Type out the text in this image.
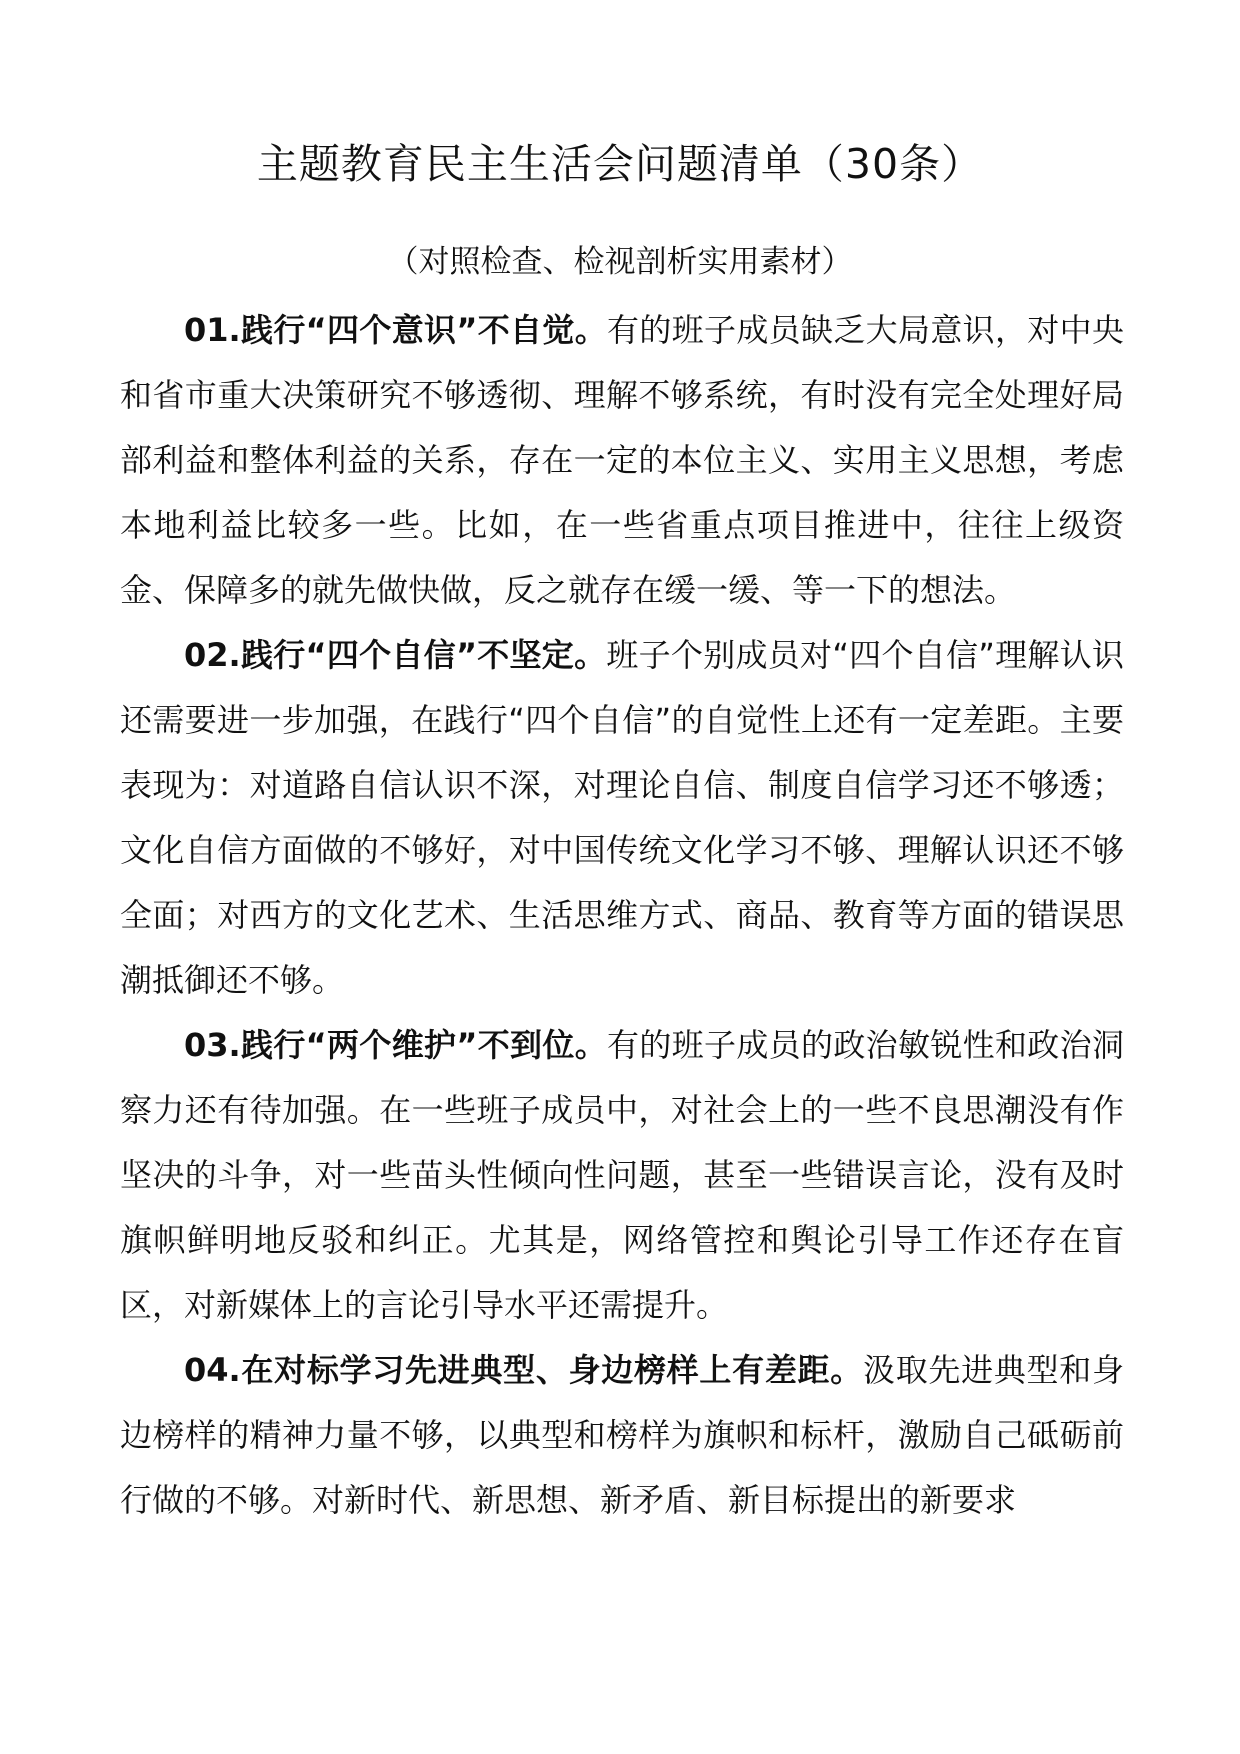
主题教育民主生活会问题清单（30条）
（对照检查、检视剖析实用素材）

01.践行“四个意识”不自觉。有的班子成员缺乏大局意识，对中央和省市重大决策研究不够透彻、理解不够系统，有时没有完全处理好局部利益和整体利益的关系，存在一定的本位主义、实用主义思想，考虑本地利益比较多一些。比如，在一些省重点项目推进中，往往上级资金、保障多的就先做快做，反之就存在缓一缓、等一下的想法。

02.践行“四个自信”不坚定。班子个别成员对“四个自信”理解认识还需要进一步加强，在践行“四个自信”的自觉性上还有一定差距。主要表现为：对道路自信认识不深，对理论自信、制度自信学习还不够透；文化自信方面做的不够好，对中国传统文化学习不够、理解认识还不够全面；对西方的文化艺术、生活思维方式、商品、教育等方面的错误思潮抵御还不够。

03.践行“两个维护”不到位。有的班子成员的政治敏锐性和政治洞察力还有待加强。在一些班子成员中，对社会上的一些不良思潮没有作坚决的斗争，对一些苗头性倾向性问题，甚至一些错误言论，没有及时旗帜鲜明地反驳和纠正。尤其是，网络管控和舆论引导工作还存在盲区，对新媒体上的言论引导水平还需提升。

04.在对标学习先进典型、身边榜样上有差距。汲取先进典型和身边榜样的精神力量不够，以典型和榜样为旗帜和标杆，激励自己砥砺前行做的不够。对新时代、新思想、新矛盾、新目标提出的新要求
